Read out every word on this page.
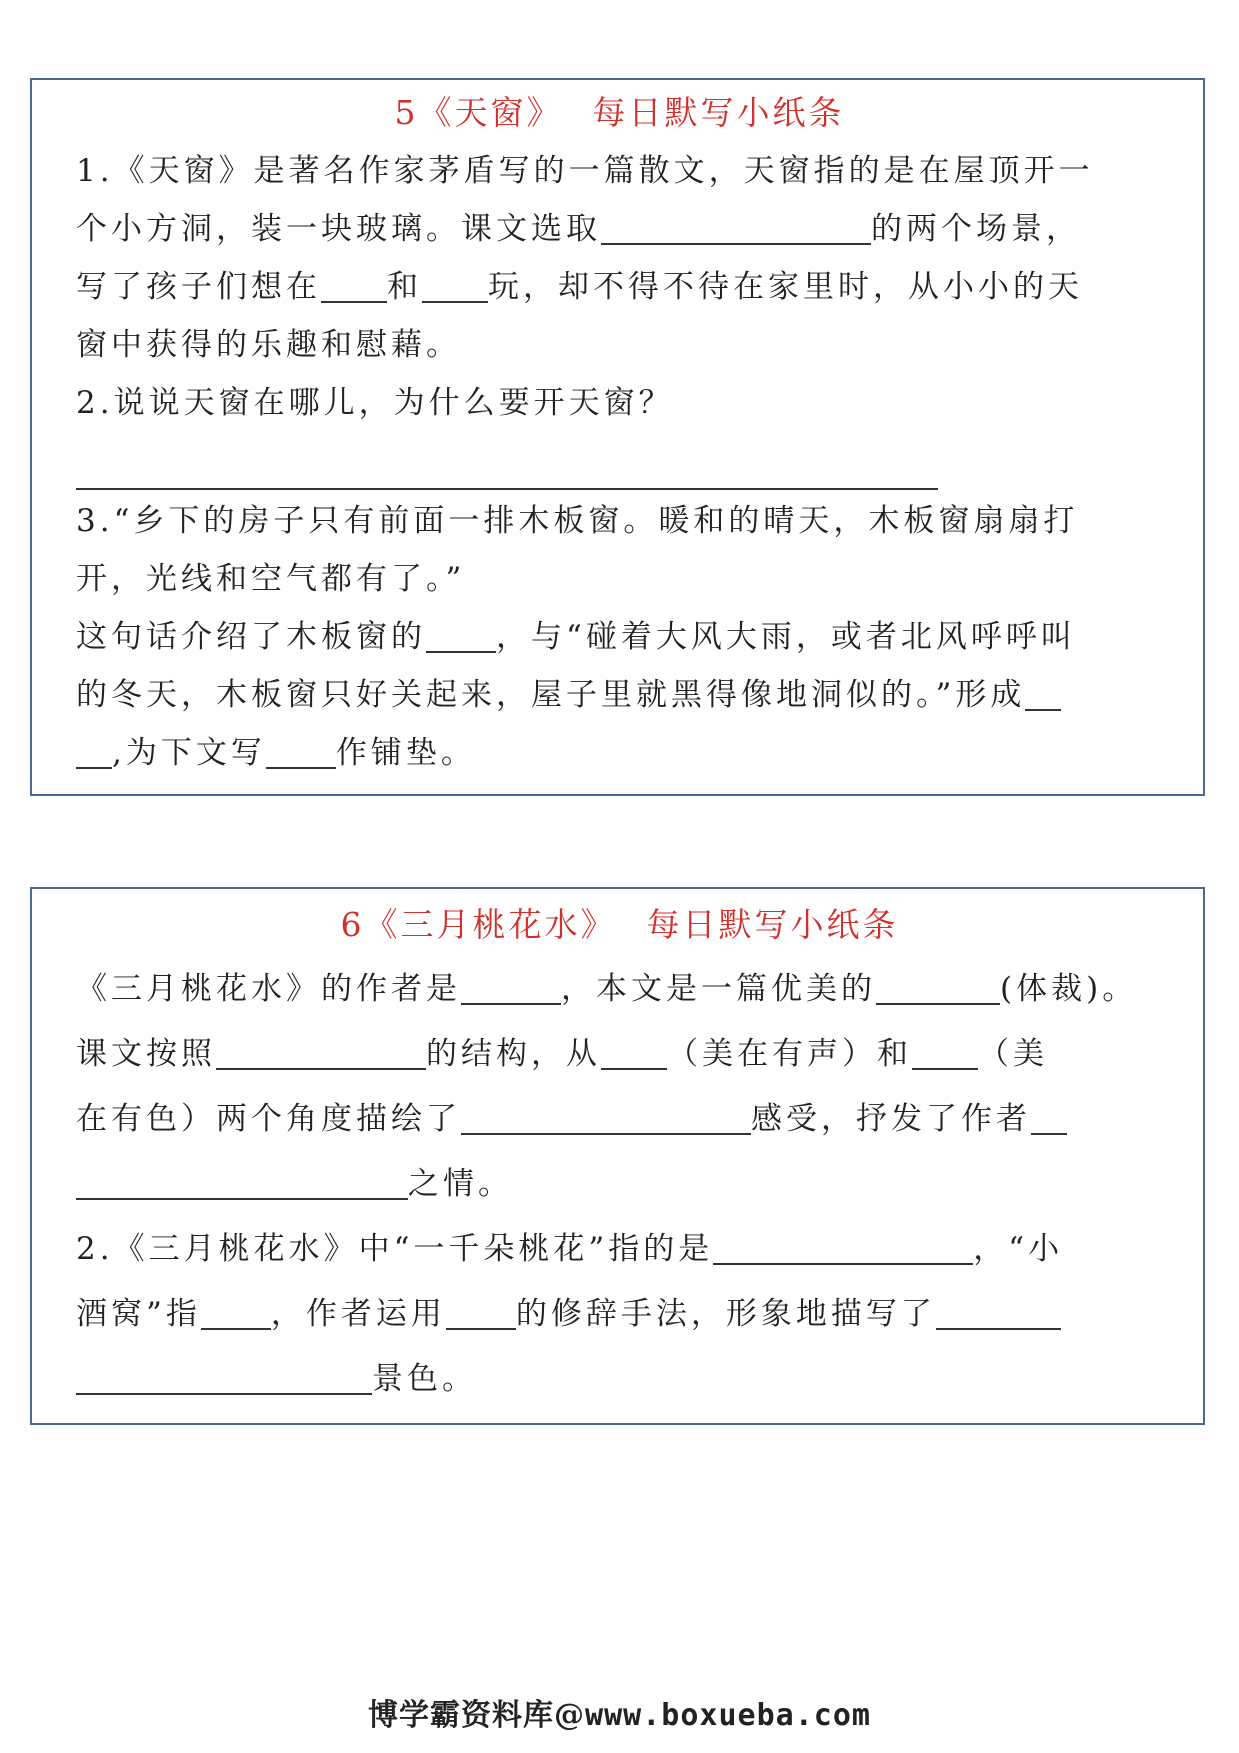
5《天窗》 每日默写小纸条
1.《天窗》是著名作家茅盾写的一篇散文，天窗指的是在屋顶开一
个小方洞，装一块玻璃。课文选取	的两个场景，
写了孩子们想在 和 玩，却不得不待在家里时，从小小的天
窗中获得的乐趣和慰藉。
2.说说天窗在哪儿，为什么要开天窗？
3.“乡下的房子只有前面一排木板窗。暖和的晴天，木板窗扇扇打
开，光线和空气都有了。”
这句话介绍了木板窗的 ，与“碰着大风大雨，或者北风呼呼叫
的冬天，木板窗只好关起来，屋子里就黑得像地洞似的。”形成
,为下文写 作铺垫。
6《三月桃花水》 每日默写小纸条
《三月桃花水》的作者是	，本文是一篇优美的	(体裁)。
课文按照	的结构，从 （美在有声）和 （美
在有色）两个角度描绘了	感受，抒发了作者
之情。
2.《三月桃花水》中“一千朵桃花”指的是	，“小
酒窝”指 ，作者运用 的修辞手法，形象地描写了
景色。
博学霸资料库@www.boxueba.com
